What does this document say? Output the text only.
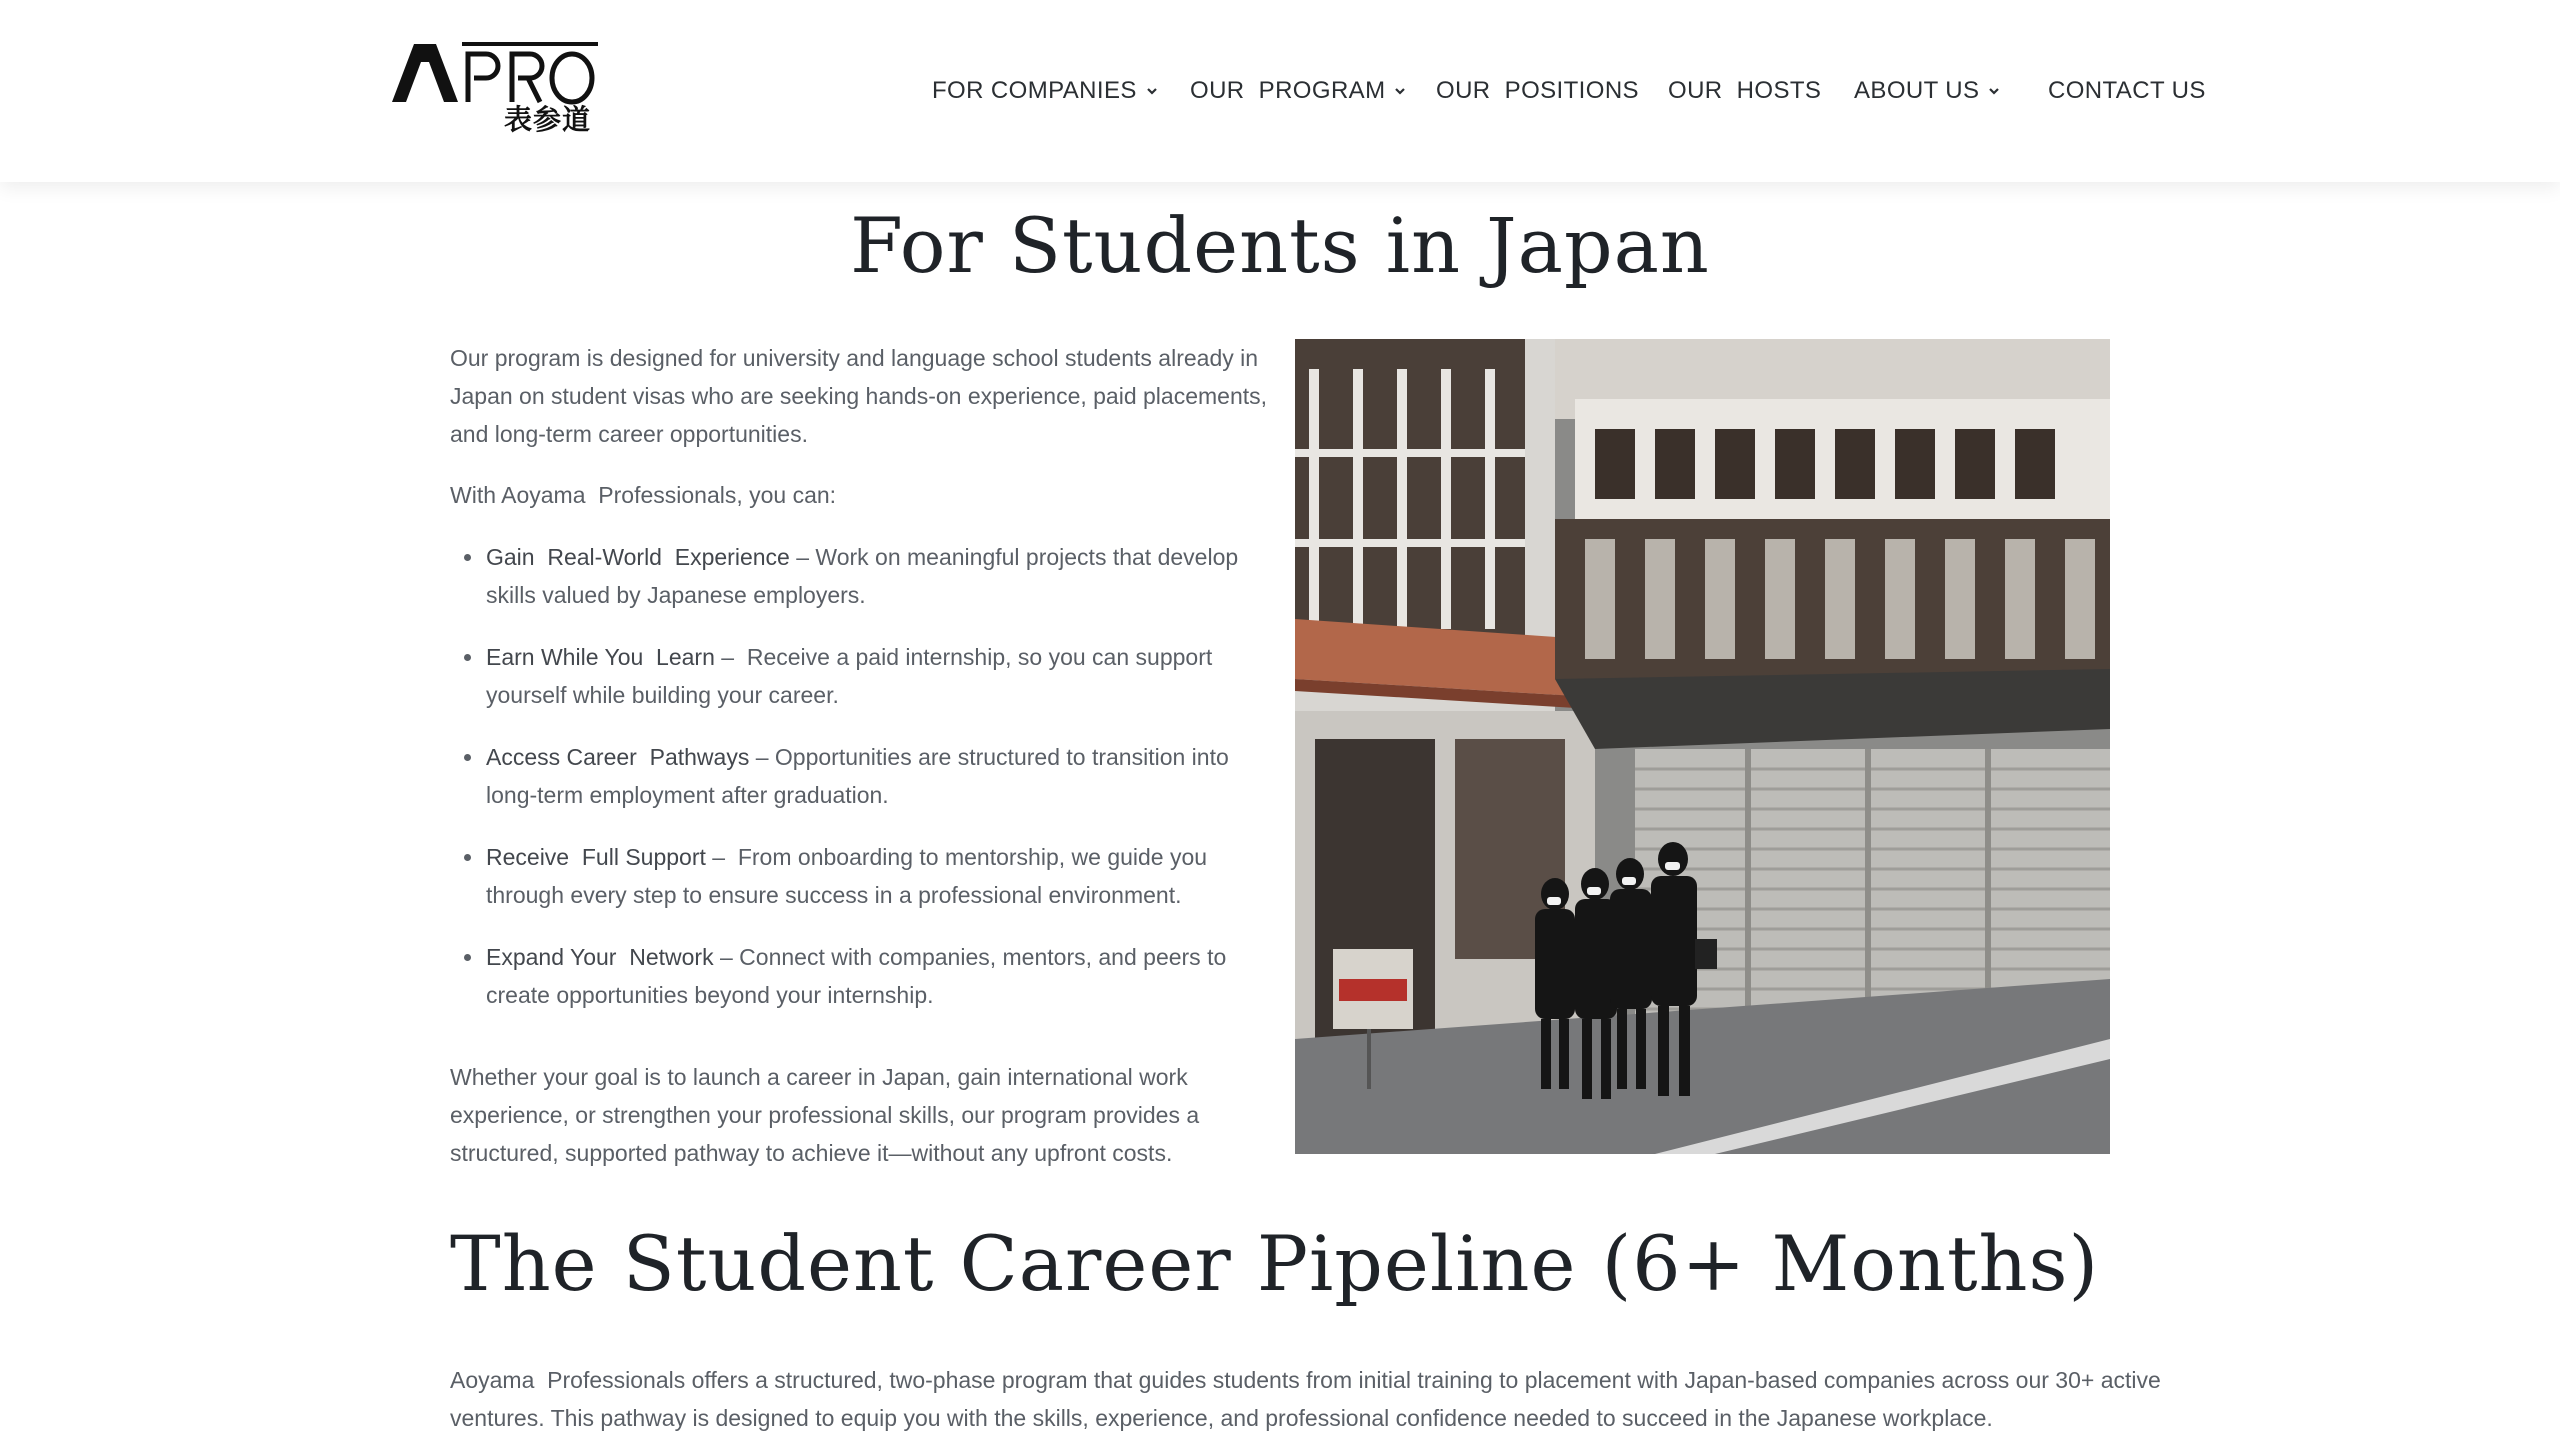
表参道
FOR COMPANIES OUR  PROGRAM OUR  POSITIONS OUR  HOSTS ABOUT US	CONTACT US
For Students in Japan

Our program is designed for university and language school students already in Japan on student visas who are seeking hands-on experience, paid placements, and long-term career opportunities.

With Aoyama  Professionals, you can:

Gain  Real-World  Experience – Work on meaningful projects that develop skills valued by Japanese employers.
Earn While You  Learn –  Receive a paid internship, so you can support yourself while building your career.
Access Career  Pathways – Opportunities are structured to transition into long-term employment after graduation.
Receive  Full Support –  From onboarding to mentorship, we guide you through every step to ensure success in a professional environment.
Expand Your  Network – Connect with companies, mentors, and peers to create opportunities beyond your internship.

Whether your goal is to launch a career in Japan, gain international work experience, or strengthen your professional skills, our program provides a structured, supported pathway to achieve it—without any upfront costs.

The Student Career Pipeline (6+ Months)

Aoyama  Professionals offers a structured, two-phase program that guides students from initial training to placement with Japan-based companies across our 30+ active ventures. This pathway is designed to equip you with the skills, experience, and professional confidence needed to succeed in the Japanese workplace.
